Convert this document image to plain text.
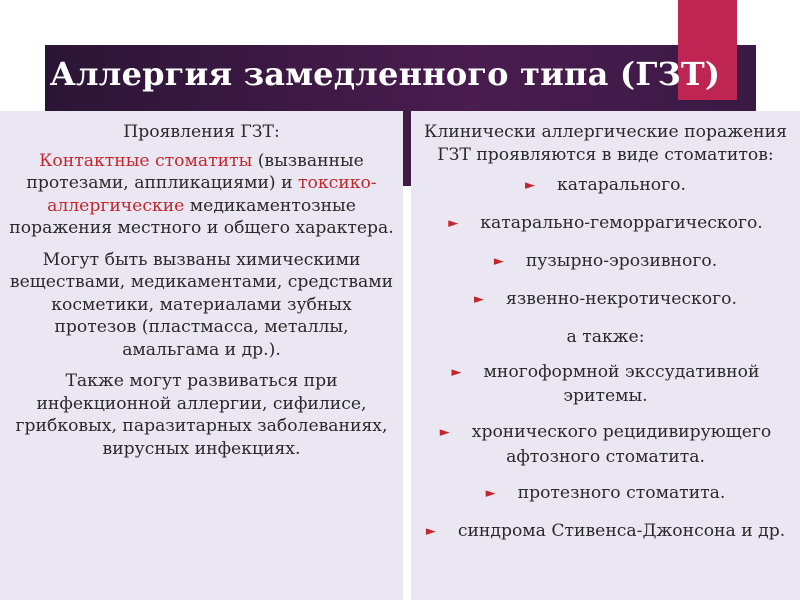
Аллергия замедленного типа (ГЗТ)

Проявления ГЗТ:

Контактные стоматиты (вызванные протезами, аппликациями) и токсико-аллергические медикаментозные поражения местного и общего характера.

Могут быть вызваны химическими веществами, медикаментами, средствами косметики, материалами зубных протезов (пластмасса, металлы, амальгама и др.).

Также могут развиваться при инфекционной аллергии, сифилисе, грибковых, паразитарных заболеваниях, вирусных инфекциях.

Клинически аллергические поражения ГЗТ проявляются в виде стоматитов:

► катарального.
► катарально-геморрагического.
► пузырно-эрозивного.
► язвенно-некротического.
а также:
► многоформной экссудативной эритемы.
► хронического рецидивирующего афтозного стоматита.
► протезного стоматита.
► синдрома Стивенса-Джонсона и др.
